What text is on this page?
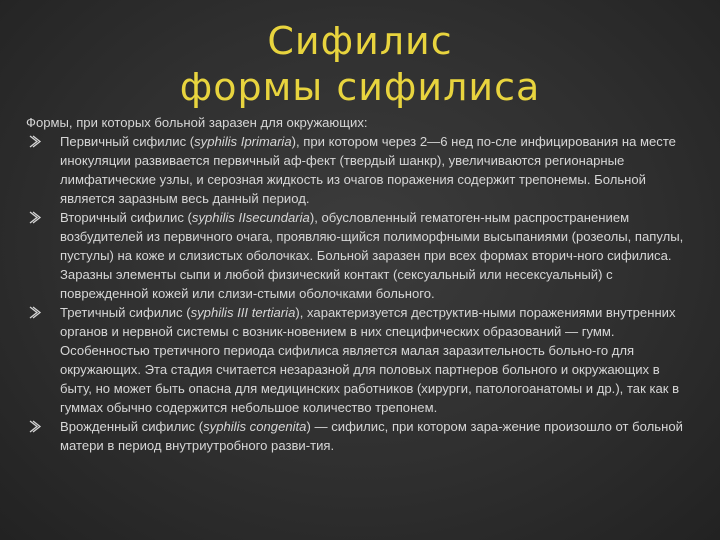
Сифилис
формы сифилиса

Формы, при которых больной заразен для окружающих:

Первичный сифилис (syphilis Iprimaria), при котором через 2—6 нед по-сле инфицирования на месте инокуляции развивается первичный аф-фект (твердый шанкр), увеличиваются регионарные лимфатические узлы, и серозная жидкость из очагов поражения содержит трепонемы. Больной является заразным весь данный период.
Вторичный сифилис (syphilis IIsecundaria), обусловленный гематоген-ным распространением возбудителей из первичного очага, проявляю-щийся полиморфными высыпаниями (розеолы, папулы, пустулы) на коже и слизистых оболочках. Больной заразен при всех формах вторич-ного сифилиса. Заразны элементы сыпи и любой физический контакт (сексуальный или несексуальный) с поврежденной кожей или слизи-стыми оболочками больного.
Третичный сифилис (syphilis III tertiaria), характеризуется деструктив-ными поражениями внутренних органов и нервной системы с возник-новением в них специфических образований — гумм. Особенностью третичного периода сифилиса является малая заразительность больно-го для окружающих. Эта стадия считается незаразной для половых партнеров больного и окружающих в быту, но может быть опасна для медицинских работников (хирурги, патологоанатомы и др.), так как в гуммах обычно содержится небольшое количество трепонем.
Врожденный сифилис (syphilis congenita) — сифилис, при котором зара-жение произошло от больной матери в период внутриутробного разви-тия.
